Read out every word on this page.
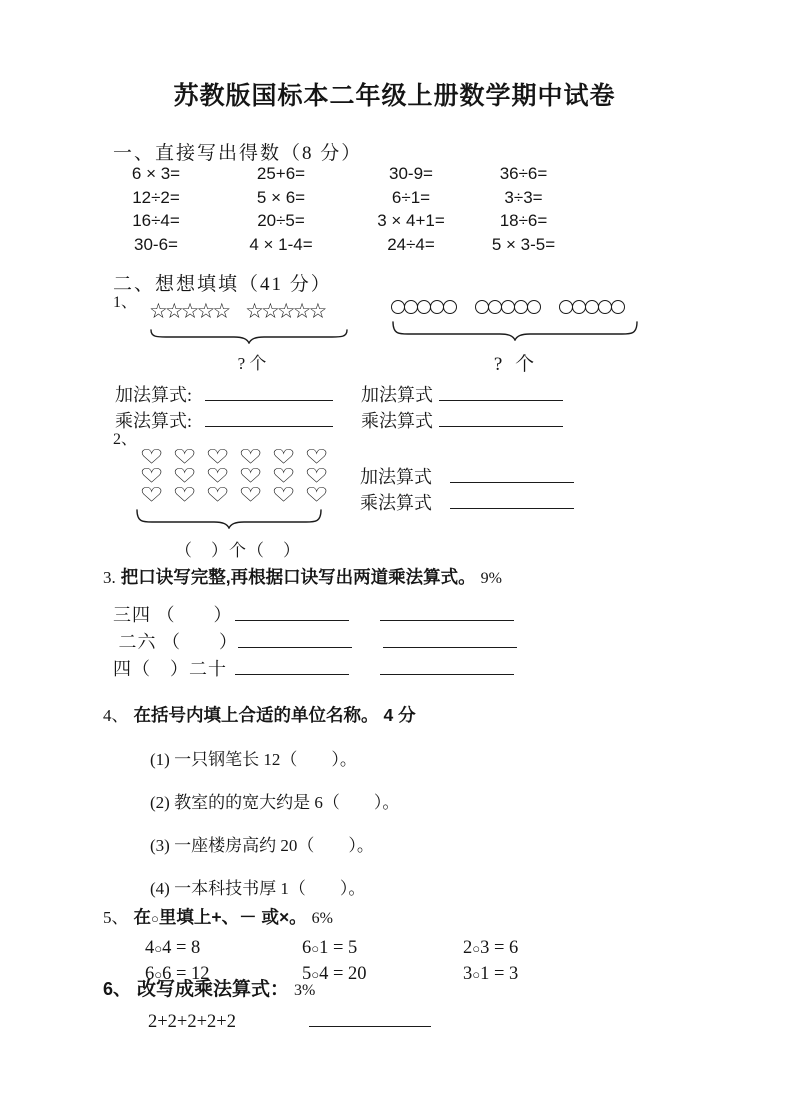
苏教版国标本二年级上册数学期中试卷
一、直接写出得数（8 分）
6 × 3=	25+6=	30-9=	36÷6=
12÷2=	5 × 6=	6÷1=	3÷3=
16÷4=	20÷5=	3 × 4+1=	18÷6=
30-6=	4 × 1-4=	24÷4=	5 × 3-5=
二、想想填填（41 分）
1、 ☆☆☆☆☆ ☆☆☆☆☆
? 个	? 个
加法算式:	加法算式
乘法算式:	乘法算式
2、
♡ ♡ ♡ ♡ ♡ ♡
♡ ♡ ♡ ♡ ♡ ♡
♡ ♡ ♡ ♡ ♡ ♡
（　）个（　）
加法算式
乘法算式
3. 把口诀写完整,再根据口诀写出两道乘法算式。 9%
三四 （　　）
二六 （　　）
四（　）二十
4、 在括号内填上合适的单位名称。 4 分
(1) 一只钢笔长 12（　　）。
(2) 教室的的宽大约是 6（　　）。
(3) 一座楼房高约 20（　　）。
(4) 一本科技书厚 1（　　）。
5、 在○里填上+、－ 或×。 6%
4○4 = 8	6○1 = 5	2○3 = 6
6○6 = 12	5○4 = 20	3○1 = 3
6、 改写成乘法算式： 3%
2+2+2+2+2
